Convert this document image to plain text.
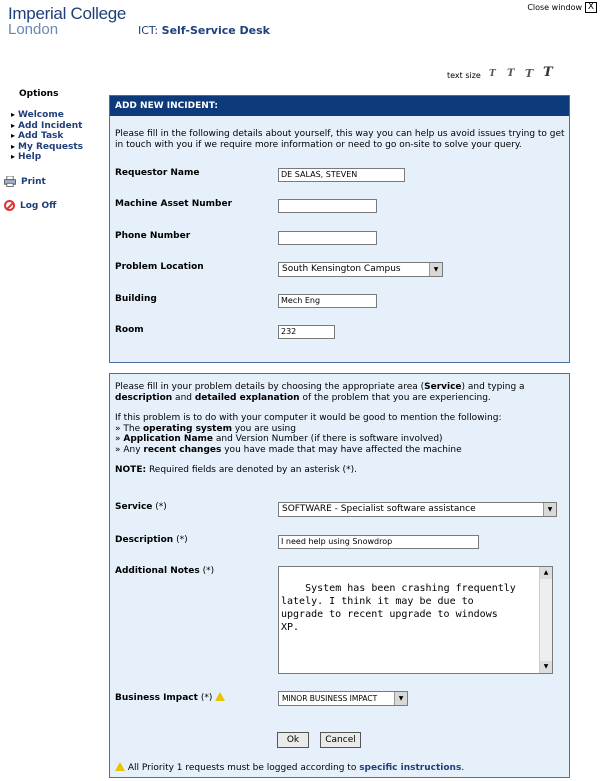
Imperial College
London	ICT: Self-Service Desk
Close window X
text size T T T T
Options
▸ Welcome
▸ Add Incident
▸ Add Task
▸ My Requests
▸ Help
Print
Log Off
ADD NEW INCIDENT:
Please fill in the following details about yourself, this way you can help us avoid issues trying to get in touch with you if we require more information or need to go on-site to solve your query.
Requestor Name	DE SALAS, STEVEN
Machine Asset Number
Phone Number
Problem Location	South Kensington Campus	▼
Building	Mech Eng
Room	232
Please fill in your problem details by choosing the appropriate area (Service) and typing a
description and detailed explanation of the problem that you are experiencing.
If this problem is to do with your computer it would be good to mention the following:
» The operating system you are using
» Application Name and Version Number (if there is software involved)
» Any recent changes you have made that may have affected the machine
NOTE: Required fields are denoted by an asterisk (*).
Service (*)	SOFTWARE - Specialist software assistance	▼
Description (*)	I need help using Snowdrop
Additional Notes (*)

System has been crashing frequently
lately. I think it may be due to
upgrade to recent upgrade to windows
XP.

▲

▼

Business Impact (*)	MINOR BUSINESS IMPACT	▼
Ok	Cancel
All Priority 1 requests must be logged according to specific instructions.
